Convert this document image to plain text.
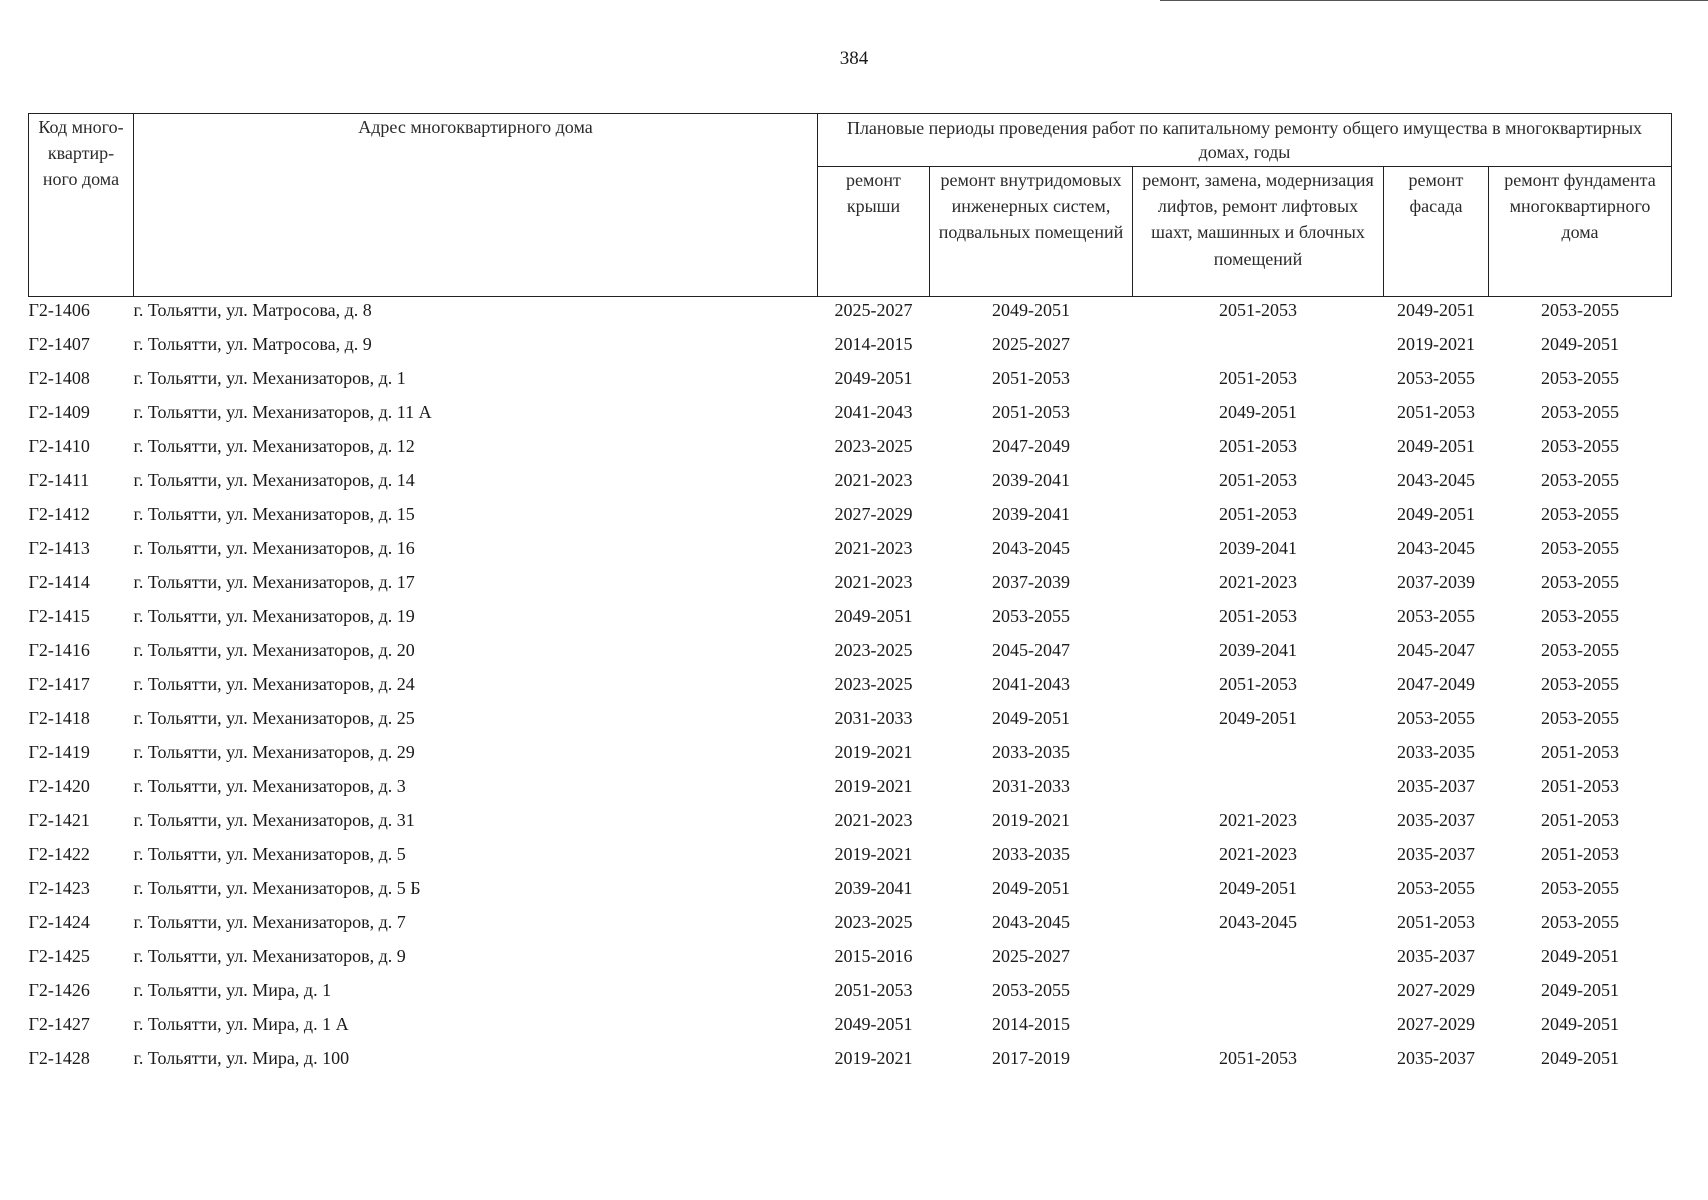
384
Код много-квартир-ного дома	Адрес многоквартирного дома	Плановые периоды проведения работ по капитальному ремонту общего имущества в многоквартирных домах, годы				
		ремонт крыши	ремонт внутридомовых инженерных систем, подвальных помещений	ремонт, замена, модернизация лифтов, ремонт лифтовых шахт, машинных и блочных помещений	ремонт фасада	ремонт фундамента многоквартирного дома
Г2-1406	г. Тольятти, ул. Матросова, д. 8	2025-2027	2049-2051	2051-2053	2049-2051	2053-2055
Г2-1407	г. Тольятти, ул. Матросова, д. 9	2014-2015	2025-2027		2019-2021	2049-2051
Г2-1408	г. Тольятти, ул. Механизаторов, д. 1	2049-2051	2051-2053	2051-2053	2053-2055	2053-2055
Г2-1409	г. Тольятти, ул. Механизаторов, д. 11 А	2041-2043	2051-2053	2049-2051	2051-2053	2053-2055
Г2-1410	г. Тольятти, ул. Механизаторов, д. 12	2023-2025	2047-2049	2051-2053	2049-2051	2053-2055
Г2-1411	г. Тольятти, ул. Механизаторов, д. 14	2021-2023	2039-2041	2051-2053	2043-2045	2053-2055
Г2-1412	г. Тольятти, ул. Механизаторов, д. 15	2027-2029	2039-2041	2051-2053	2049-2051	2053-2055
Г2-1413	г. Тольятти, ул. Механизаторов, д. 16	2021-2023	2043-2045	2039-2041	2043-2045	2053-2055
Г2-1414	г. Тольятти, ул. Механизаторов, д. 17	2021-2023	2037-2039	2021-2023	2037-2039	2053-2055
Г2-1415	г. Тольятти, ул. Механизаторов, д. 19	2049-2051	2053-2055	2051-2053	2053-2055	2053-2055
Г2-1416	г. Тольятти, ул. Механизаторов, д. 20	2023-2025	2045-2047	2039-2041	2045-2047	2053-2055
Г2-1417	г. Тольятти, ул. Механизаторов, д. 24	2023-2025	2041-2043	2051-2053	2047-2049	2053-2055
Г2-1418	г. Тольятти, ул. Механизаторов, д. 25	2031-2033	2049-2051	2049-2051	2053-2055	2053-2055
Г2-1419	г. Тольятти, ул. Механизаторов, д. 29	2019-2021	2033-2035		2033-2035	2051-2053
Г2-1420	г. Тольятти, ул. Механизаторов, д. 3	2019-2021	2031-2033		2035-2037	2051-2053
Г2-1421	г. Тольятти, ул. Механизаторов, д. 31	2021-2023	2019-2021	2021-2023	2035-2037	2051-2053
Г2-1422	г. Тольятти, ул. Механизаторов, д. 5	2019-2021	2033-2035	2021-2023	2035-2037	2051-2053
Г2-1423	г. Тольятти, ул. Механизаторов, д. 5 Б	2039-2041	2049-2051	2049-2051	2053-2055	2053-2055
Г2-1424	г. Тольятти, ул. Механизаторов, д. 7	2023-2025	2043-2045	2043-2045	2051-2053	2053-2055
Г2-1425	г. Тольятти, ул. Механизаторов, д. 9	2015-2016	2025-2027		2035-2037	2049-2051
Г2-1426	г. Тольятти, ул. Мира, д. 1	2051-2053	2053-2055		2027-2029	2049-2051
Г2-1427	г. Тольятти, ул. Мира, д. 1 А	2049-2051	2014-2015		2027-2029	2049-2051
Г2-1428	г. Тольятти, ул. Мира, д. 100	2019-2021	2017-2019	2051-2053	2035-2037	2049-2051
